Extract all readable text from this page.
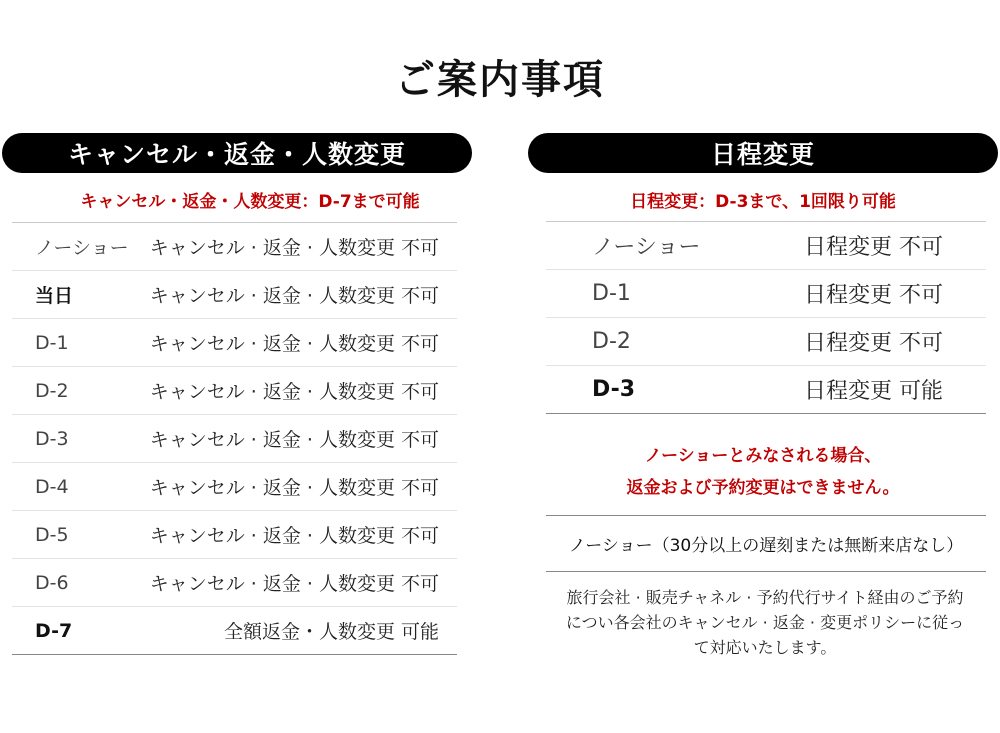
ご案内事項
キャンセル・返金・人数変更
キャンセル・返金・人数変更：D-7まで可能
ノーショー	キャンセル · 返金 · 人数変更 不可
当日	キャンセル · 返金 · 人数変更 不可
D-1	キャンセル · 返金 · 人数変更 不可
D-2	キャンセル · 返金 · 人数変更 不可
D-3	キャンセル · 返金 · 人数変更 不可
D-4	キャンセル · 返金 · 人数変更 不可
D-5	キャンセル · 返金 · 人数変更 不可
D-6	キャンセル · 返金 · 人数変更 不可
D-7	全額返金・人数変更 可能
日程変更
日程変更：D-3まで、1回限り可能
ノーショー	日程変更 不可
D-1	日程変更 不可
D-2	日程変更 不可
D-3	日程変更 可能
ノーショーとみなされる場合、
返金および予約変更はできません。
ノーショー（30分以上の遅刻または無断来店なし）
旅行会社 · 販売チャネル · 予約代行サイト経由のご予約
につい各会社のキャンセル · 返金 · 変更ポリシーに従っ
て対応いたします。
